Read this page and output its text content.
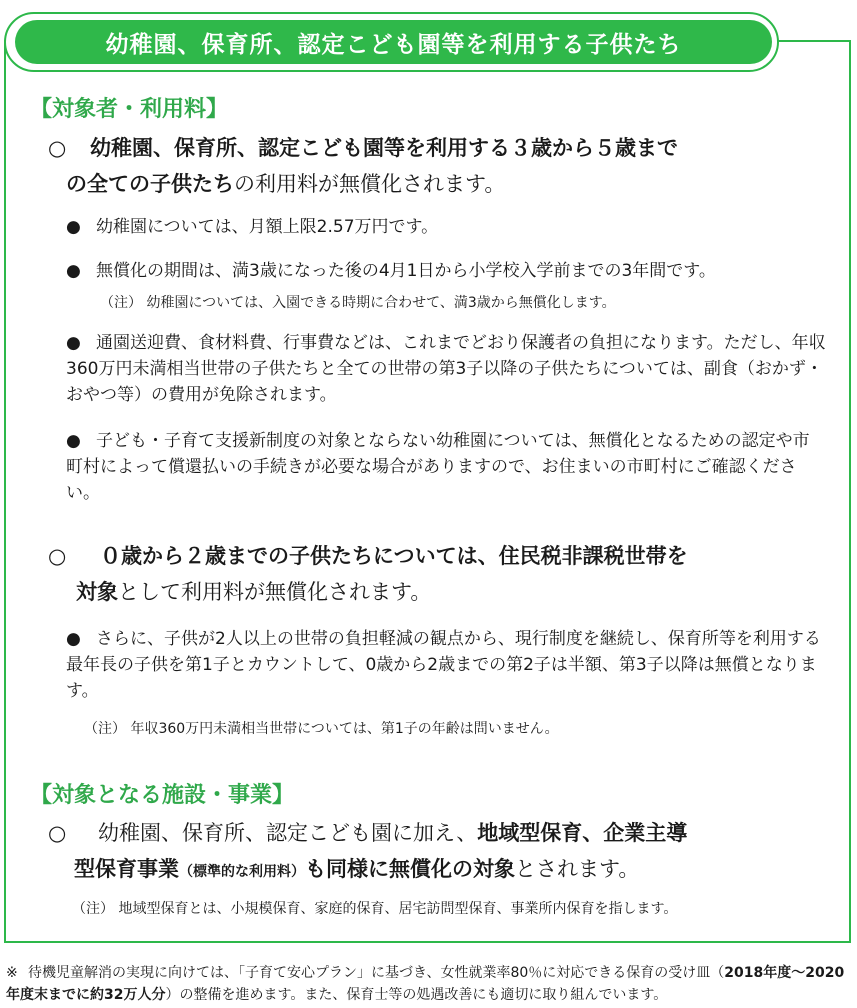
幼稚園、保育所、認定こども園等を利用する子供たち
【対象者・利用料】
○ 幼稚園、保育所、認定こども園等を利用する３歳から５歳まで
の全ての子供たちの利用料が無償化されます。
● 幼稚園については、月額上限2.57万円です。
● 無償化の期間は、満3歳になった後の4月1日から小学校入学前までの3年間です。
（注） 幼稚園については、入園できる時期に合わせて、満3歳から無償化します。
● 通園送迎費、食材料費、行事費などは、これまでどおり保護者の負担になります。ただし、年収360万円未満相当世帯の子供たちと全ての世帯の第3子以降の子供たちについては、副食（おかず・おやつ等）の費用が免除されます。
● 子ども・子育て支援新制度の対象とならない幼稚園については、無償化となるための認定や市町村によって償還払いの手続きが必要な場合がありますので、お住まいの市町村にご確認ください。
○ ０歳から２歳までの子供たちについては、住民税非課税世帯を
対象として利用料が無償化されます。
● さらに、子供が2人以上の世帯の負担軽減の観点から、現行制度を継続し、保育所等を利用する最年長の子供を第1子とカウントして、0歳から2歳までの第2子は半額、第3子以降は無償となります。
（注） 年収360万円未満相当世帯については、第1子の年齢は問いません。
【対象となる施設・事業】
○ 幼稚園、保育所、認定こども園に加え、地域型保育、企業主導
型保育事業（標準的な利用料）も同様に無償化の対象とされます。
（注） 地域型保育とは、小規模保育、家庭的保育、居宅訪問型保育、事業所内保育を指します。
※ 待機児童解消の実現に向けては、「子育て安心プラン」に基づき、女性就業率80％に対応できる保育の受け皿（2018年度～2020年度末までに約32万人分）の整備を進めます。また、保育士等の処遇改善にも適切に取り組んでいます。
